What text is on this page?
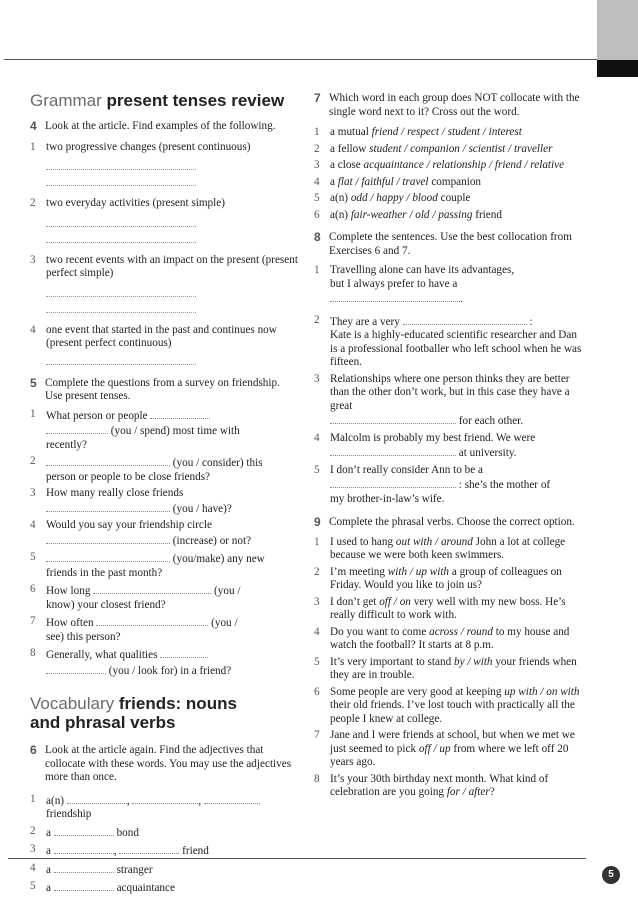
Grammar present tenses review
4 Look at the article. Find examples of the following.
1 two progressive changes (present continuous)
2 two everyday activities (present simple)
3 two recent events with an impact on the present (present perfect simple)
4 one event that started in the past and continues now (present perfect continuous)
5 Complete the questions from a survey on friendship. Use present tenses.
1 What person or people
(you / spend) most time with
recently?
2	(you / consider) this
person or people to be close friends?
3 How many really close friends
(you / have)?
4 Would you say your friendship circle
(increase) or not?
5	(you/make) any new
friends in the past month?
6 How long	(you /
know) your closest friend?
7 How often	(you /
see) this person?
8 Generally, what qualities
(you / look for) in a friend?
Vocabulary friends: nouns and phrasal verbs
6 Look at the article again. Find the adjectives that collocate with these words. You may use the adjectives more than once.
1 a(n)	,	,
friendship
2 a	bond
3 a	,	friend
4 a	stranger
5 a	acquaintance
7 Which word in each group does NOT collocate with the single word next to it? Cross out the word.
1 a mutual friend / respect / student / interest
2 a fellow student / companion / scientist / traveller
3 a close acquaintance / relationship / friend / relative
4 a flat / faithful / travel companion
5 a(n) odd / happy / blood couple
6 a(n) fair-weather / old / passing friend
8 Complete the sentences. Use the best collocation from Exercises 6 and 7.
1 Travelling alone can have its advantages,
but I always prefer to have a
.
2 They are a very	:
Kate is a highly-educated scientific researcher and Dan is a professional footballer who left school when he was fifteen.
3 Relationships where one person thinks they are better than the other don’t work, but in this case they have a great
for each other.
4 Malcolm is probably my best friend. We were
at university.
5 I don’t really consider Ann to be a
: she’s the mother of
my brother-in-law’s wife.
9 Complete the phrasal verbs. Choose the correct option.
1 I used to hang out with / around John a lot at college because we were both keen swimmers.
2 I’m meeting with / up with a group of colleagues on Friday. Would you like to join us?
3 I don’t get off / on very well with my new boss. He’s really difficult to work with.
4 Do you want to come across / round to my house and watch the football? It starts at 8 p.m.
5 It’s very important to stand by / with your friends when they are in trouble.
6 Some people are very good at keeping up with / on with their old friends. I’ve lost touch with practically all the people I knew at college.
7 Jane and I were friends at school, but when we met we just seemed to pick off / up from where we left off 20 years ago.
8 It’s your 30th birthday next month. What kind of celebration are you going for / after?
5
